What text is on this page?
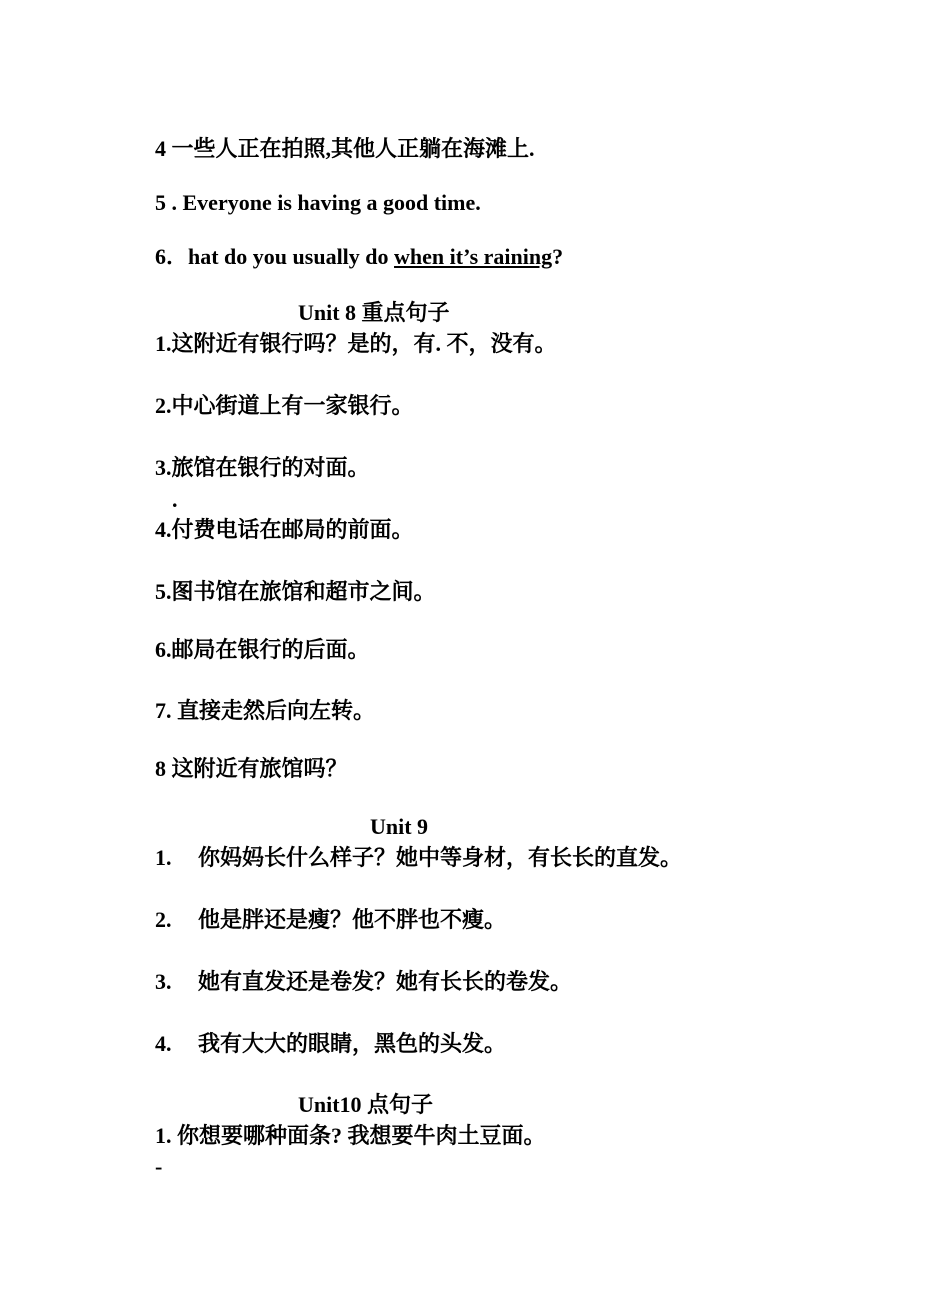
4 一些人正在拍照,其他人正躺在海滩上.
5 . Everyone is having a good time.
6．hat do you usually do when it’s raining?
Unit 8 重点句子
1.这附近有银行吗？是的，有. 不，没有。
2.中心街道上有一家银行。
3.旅馆在银行的对面。
.
4.付费电话在邮局的前面。
5.图书馆在旅馆和超市之间。
6.邮局在银行的后面。
7. 直接走然后向左转。
8 这附近有旅馆吗？
Unit 9
1. 你妈妈长什么样子？她中等身材，有长长的直发。
2. 他是胖还是瘦？他不胖也不瘦。
3. 她有直发还是卷发？她有长长的卷发。
4. 我有大大的眼睛，黑色的头发。
Unit10 点句子
1. 你想要哪种面条? 我想要牛肉土豆面。
-
